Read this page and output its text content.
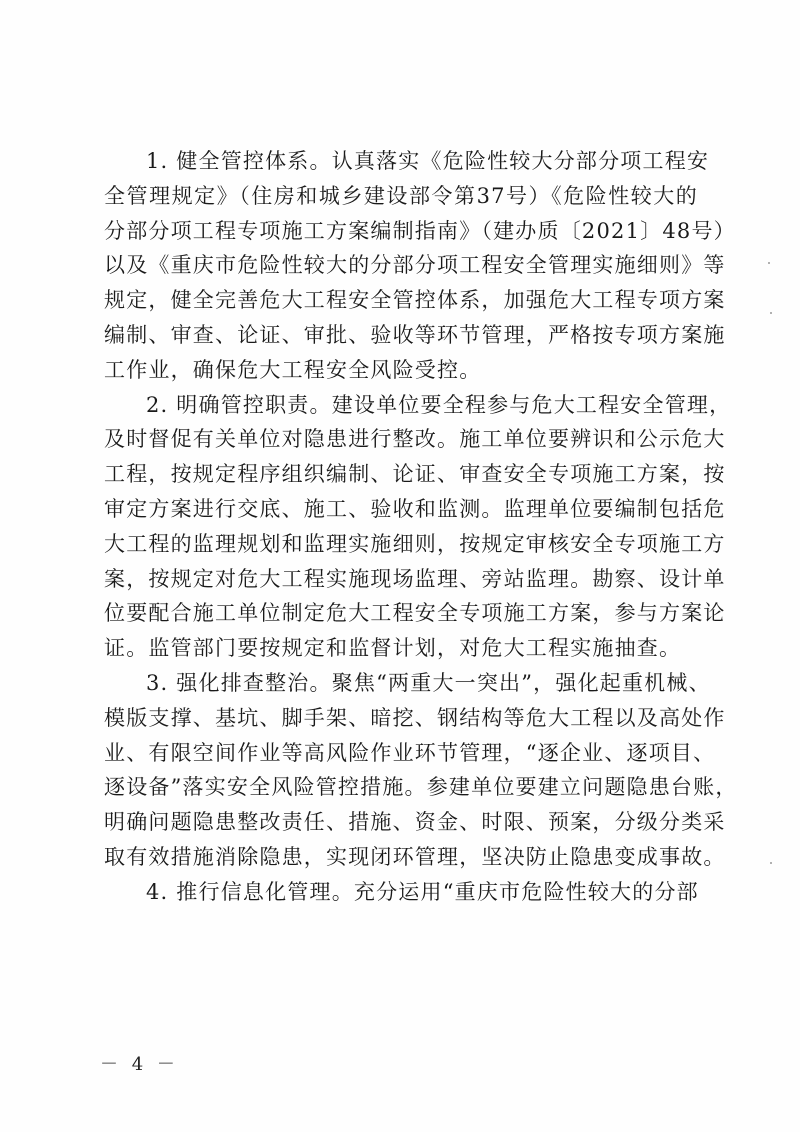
1. 健全管控体系。认真落实《危险性较大分部分项工程安
全管理规定》（住房和城乡建设部令第37号）《危险性较大的
分部分项工程专项施工方案编制指南》（建办质〔2021〕48号）
以及《重庆市危险性较大的分部分项工程安全管理实施细则》等
规定，健全完善危大工程安全管控体系，加强危大工程专项方案
编制、审查、论证、审批、验收等环节管理，严格按专项方案施
工作业，确保危大工程安全风险受控。

2. 明确管控职责。建设单位要全程参与危大工程安全管理，
及时督促有关单位对隐患进行整改。施工单位要辨识和公示危大
工程，按规定程序组织编制、论证、审查安全专项施工方案，按
审定方案进行交底、施工、验收和监测。监理单位要编制包括危
大工程的监理规划和监理实施细则，按规定审核安全专项施工方
案，按规定对危大工程实施现场监理、旁站监理。勘察、设计单
位要配合施工单位制定危大工程安全专项施工方案，参与方案论
证。监管部门要按规定和监督计划，对危大工程实施抽查。

3. 强化排查整治。聚焦“两重大一突出”，强化起重机械、
模版支撑、基坑、脚手架、暗挖、钢结构等危大工程以及高处作
业、有限空间作业等高风险作业环节管理，“逐企业、逐项目、
逐设备”落实安全风险管控措施。参建单位要建立问题隐患台账，
明确问题隐患整改责任、措施、资金、时限、预案，分级分类采
取有效措施消除隐患，实现闭环管理，坚决防止隐患变成事故。

4. 推行信息化管理。充分运用“重庆市危险性较大的分部

－ 4 －
